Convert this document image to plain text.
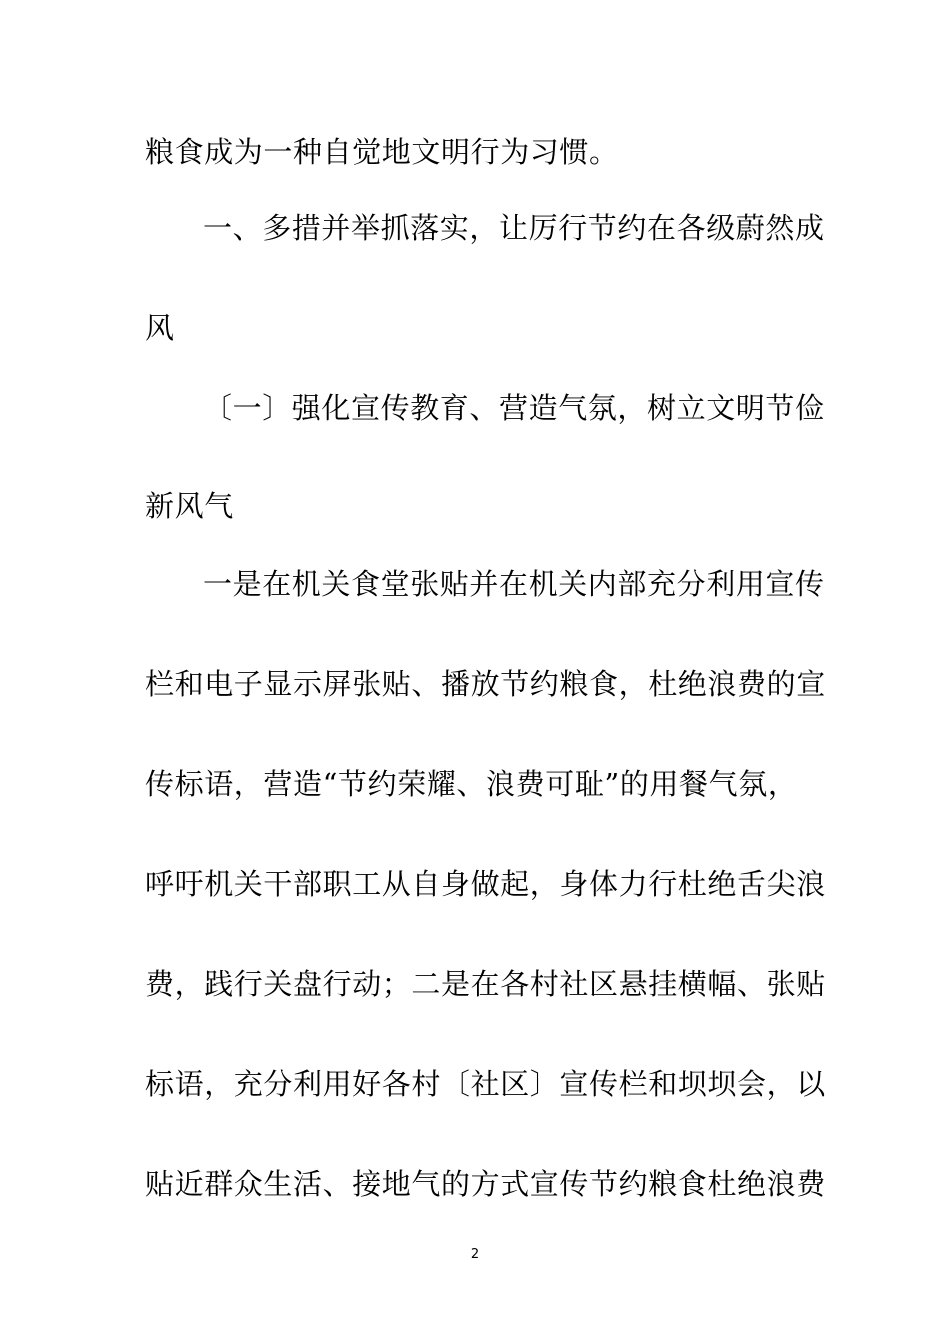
粮食成为一种自觉地文明行为习惯。
一、多措并举抓落实，让厉行节约在各级蔚然成
风
〔一〕强化宣传教育、营造气氛，树立文明节俭
新风气
一是在机关食堂张贴并在机关内部充分利用宣传
栏和电子显示屏张贴、播放节约粮食，杜绝浪费的宣
传标语，营造“节约荣耀、浪费可耻”的用餐气氛，
呼吁机关干部职工从自身做起，身体力行杜绝舌尖浪
费，践行关盘行动；二是在各村社区悬挂横幅、张贴
标语，充分利用好各村〔社区〕宣传栏和坝坝会，以
贴近群众生活、接地气的方式宣传节约粮食杜绝浪费
2
